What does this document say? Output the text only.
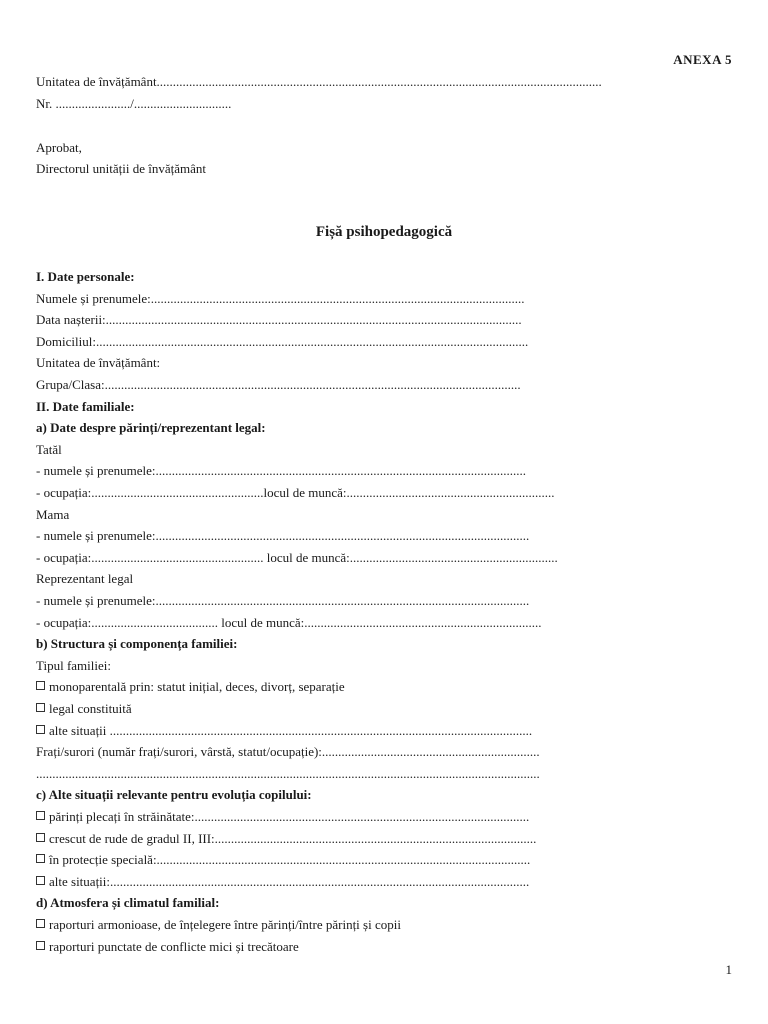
ANEXA 5
Unitatea de învățământ.........................................................................................................................................
Nr. ......................./..............................
Aprobat,
Directorul unității de învățământ
Fișă psihopedagogică
I. Date personale:
Numele și prenumele:...................................................................................................................
Data nașterii:................................................................................................................................
Domiciliul:.....................................................................................................................................
Unitatea de învățământ:
Grupa/Clasa:................................................................................................................................
II. Date familiale:
a) Date despre părinți/reprezentant legal:
Tatăl
- numele și prenumele:..................................................................................................................
- ocupația:.....................................................locul de muncă:................................................................
Mama
- numele și prenumele:...................................................................................................................
- ocupația:..................................................... locul de muncă:................................................................
Reprezentant legal
- numele și prenumele:...................................................................................................................
- ocupația:....................................... locul de muncă:.........................................................................
b) Structura și componența familiei:
Tipul familiei:
monoparentală prin: statut inițial, deces, divorț, separație
legal constituită
alte situații ..................................................................................................................................
Frați/surori (număr frați/surori, vârstă, statut/ocupație):...................................................................
...........................................................................................................................................................
c) Alte situații relevante pentru evoluția copilului:
părinți plecați în străinătate:.......................................................................................................
crescut de rude de gradul II, III:...................................................................................................
în protecție specială:...................................................................................................................
alte situații:.................................................................................................................................
d) Atmosfera și climatul familial:
raporturi armonioase, de înțelegere între părinți/între părinți și copii
raporturi punctate de conflicte mici și trecătoare
1
